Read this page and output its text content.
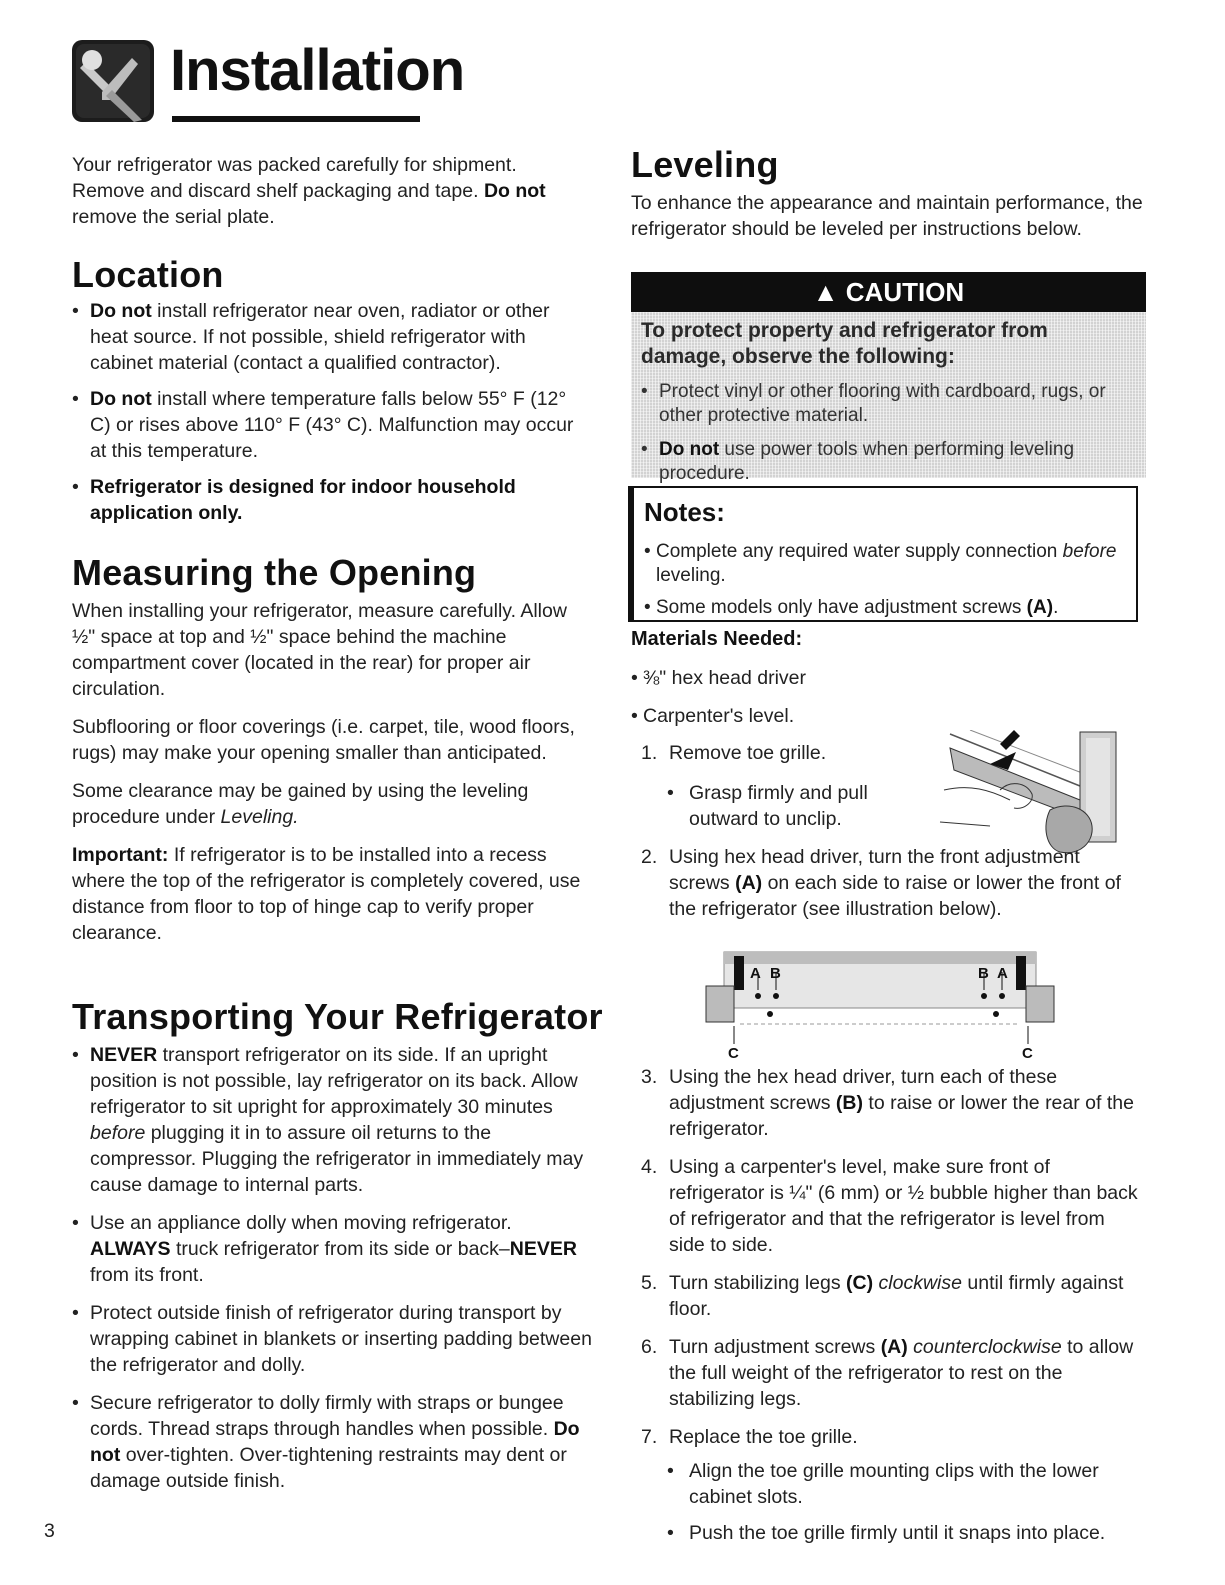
Installation
Your refrigerator was packed carefully for shipment. Remove and discard shelf packaging and tape. Do not remove the serial plate.
Location

• Do not install refrigerator near oven, radiator or other heat source. If not possible, shield refrigerator with cabinet material (contact a qualified contractor).

• Do not install where temperature falls below 55° F (12° C) or rises above 110° F (43° C). Malfunction may occur at this temperature.

• Refrigerator is designed for indoor household application only.

Measuring the Opening

When installing your refrigerator, measure carefully. Allow ½" space at top and ½" space behind the machine compartment cover (located in the rear) for proper air circulation.

Subflooring or floor coverings (i.e. carpet, tile, wood floors, rugs) may make your opening smaller than anticipated.

Some clearance may be gained by using the leveling procedure under Leveling.

Important: If refrigerator is to be installed into a recess where the top of the refrigerator is completely covered, use distance from floor to top of hinge cap to verify proper clearance.

Transporting Your Refrigerator

• NEVER transport refrigerator on its side. If an upright position is not possible, lay refrigerator on its back. Allow refrigerator to sit upright for approximately 30 minutes before plugging it in to assure oil returns to the compressor. Plugging the refrigerator in immediately may cause damage to internal parts.

• Use an appliance dolly when moving refrigerator. ALWAYS truck refrigerator from its side or back–NEVER from its front.

• Protect outside finish of refrigerator during transport by wrapping cabinet in blankets or inserting padding between the refrigerator and dolly.

• Secure refrigerator to dolly firmly with straps or bungee cords. Thread straps through handles when possible. Do not over-tighten. Over-tightening restraints may dent or damage outside finish.

3
Leveling
To enhance the appearance and maintain performance, the refrigerator should be leveled per instructions below.
▲ CAUTION

To protect property and refrigerator from damage, observe the following:

• Protect vinyl or other flooring with cardboard, rugs, or other protective material.

• Do not use power tools when performing leveling procedure.

Notes:

• Complete any required water supply connection before leveling.

• Some models only have adjustment screws (A).

Materials Needed:

• ⅜" hex head driver

• Carpenter's level.

1. Remove toe grille.

• Grasp firmly and pull outward to unclip.

2. Using hex head driver, turn the front adjustment screws (A) on each side to raise or lower the front of the refrigerator (see illustration below).

A B	B A
C	C

3. Using the hex head driver, turn each of these adjustment screws (B) to raise or lower the rear of the refrigerator.

4. Using a carpenter's level, make sure front of refrigerator is ¼" (6 mm) or ½ bubble higher than back of refrigerator and that the refrigerator is level from side to side.

5. Turn stabilizing legs (C) clockwise until firmly against floor.

6. Turn adjustment screws (A) counterclockwise to allow the full weight of the refrigerator to rest on the stabilizing legs.

7. Replace the toe grille.

• Align the toe grille mounting clips with the lower cabinet slots.

• Push the toe grille firmly until it snaps into place.
